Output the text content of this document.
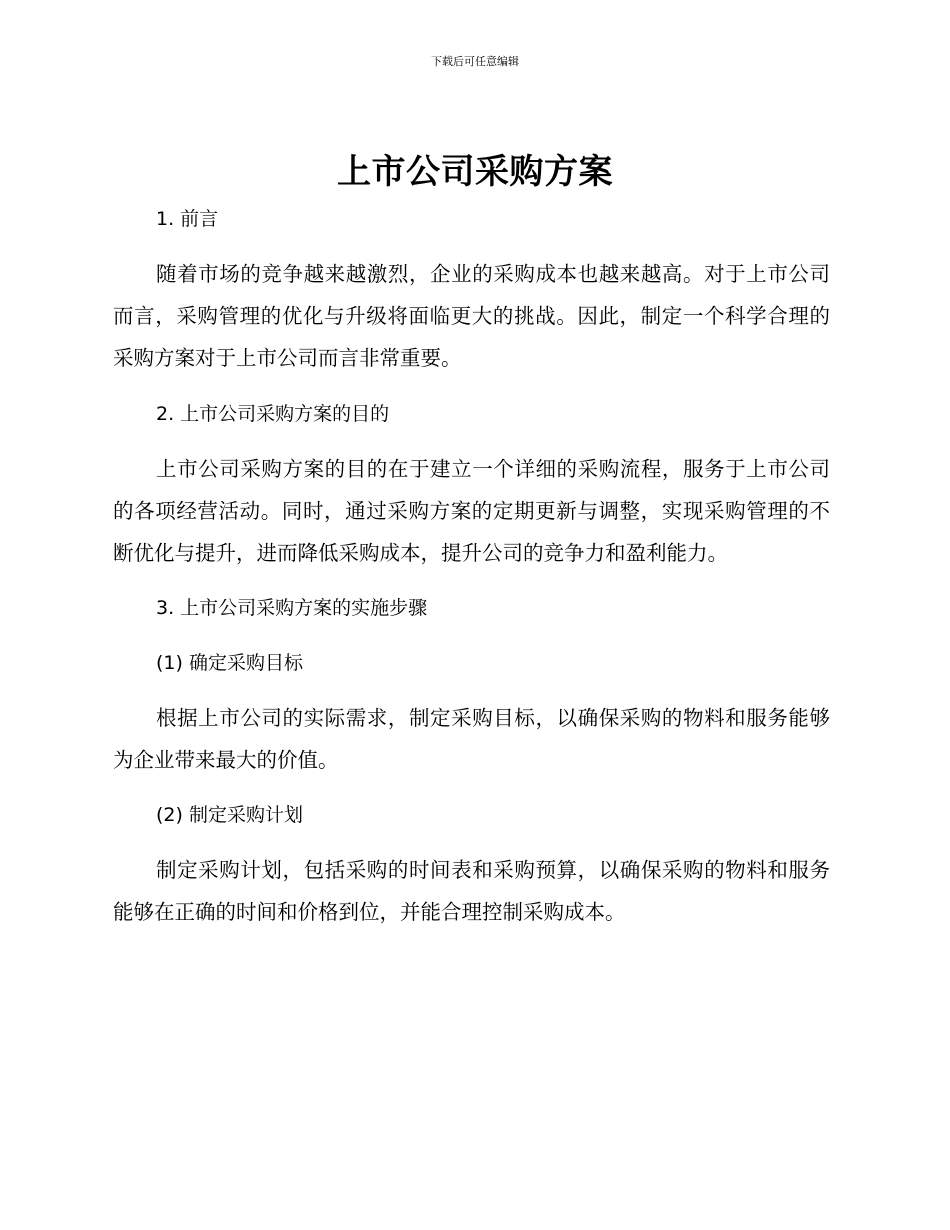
下载后可任意编辑
上市公司采购方案
1. 前言

随着市场的竞争越来越激烈，企业的采购成本也越来越高。对于上市公司而言，采购管理的优化与升级将面临更大的挑战。因此，制定一个科学合理的采购方案对于上市公司而言非常重要。

2. 上市公司采购方案的目的

上市公司采购方案的目的在于建立一个详细的采购流程，服务于上市公司的各项经营活动。同时，通过采购方案的定期更新与调整，实现采购管理的不断优化与提升，进而降低采购成本，提升公司的竞争力和盈利能力。

3. 上市公司采购方案的实施步骤
(1) 确定采购目标

根据上市公司的实际需求，制定采购目标，以确保采购的物料和服务能够为企业带来最大的价值。

(2) 制定采购计划

制定采购计划，包括采购的时间表和采购预算，以确保采购的物料和服务能够在正确的时间和价格到位，并能合理控制采购成本。
